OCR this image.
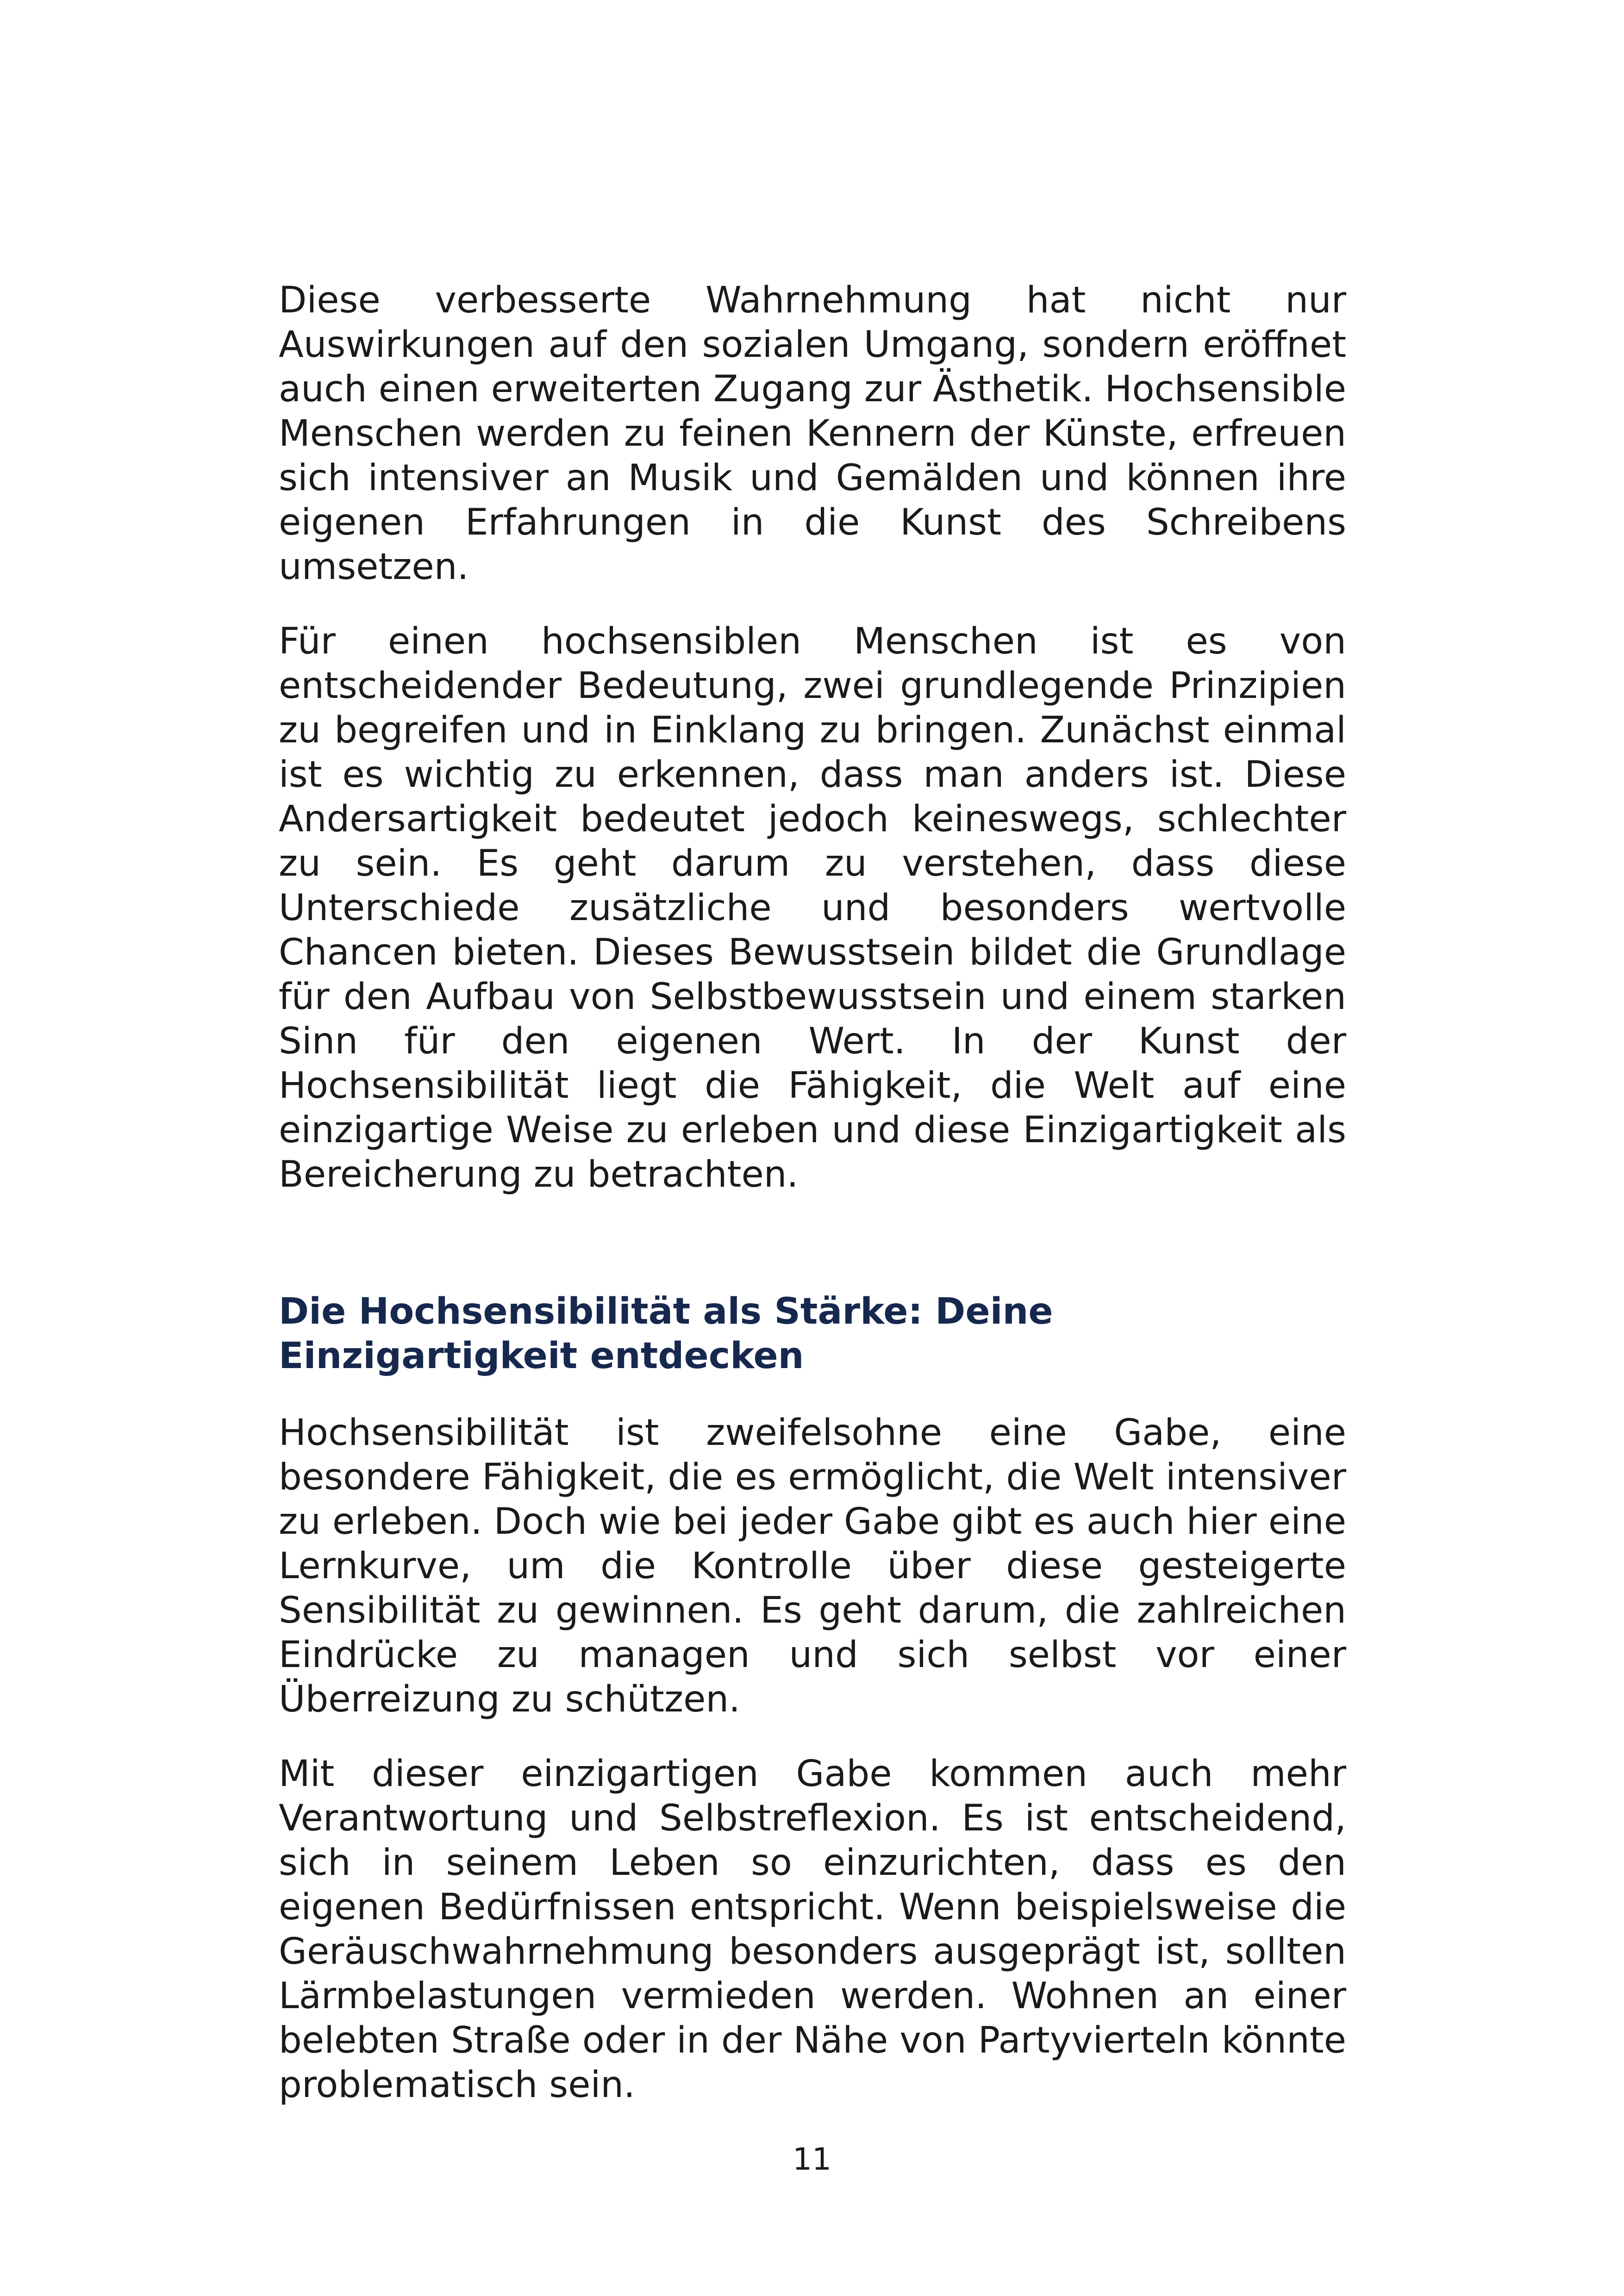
Diese verbesserte Wahrnehmung hat nicht nur Auswirkungen auf den sozialen Umgang, sondern eröffnet auch einen erweiterten Zugang zur Ästhetik. Hochsensible Menschen werden zu feinen Kennern der Künste, erfreuen sich intensiver an Musik und Gemälden und können ihre eigenen Erfahrungen in die Kunst des Schreibens umsetzen.

Für einen hochsensiblen Menschen ist es von entscheidender Bedeutung, zwei grundlegende Prinzipien zu begreifen und in Einklang zu bringen. Zunächst einmal ist es wichtig zu erkennen, dass man anders ist. Diese Andersartigkeit bedeutet jedoch keineswegs, schlechter zu sein. Es geht darum zu verstehen, dass diese Unterschiede zusätzliche und besonders wertvolle Chancen bieten. Dieses Bewusstsein bildet die Grundlage für den Aufbau von Selbstbewusstsein und einem starken Sinn für den eigenen Wert. In der Kunst der Hochsensibilität liegt die Fähigkeit, die Welt auf eine einzigartige Weise zu erleben und diese Einzigartigkeit als Bereicherung zu betrachten.

Die Hochsensibilität als Stärke: Deine Einzigartigkeit entdecken

Hochsensibilität ist zweifelsohne eine Gabe, eine besondere Fähigkeit, die es ermöglicht, die Welt intensiver zu erleben. Doch wie bei jeder Gabe gibt es auch hier eine Lernkurve, um die Kontrolle über diese gesteigerte Sensibilität zu gewinnen. Es geht darum, die zahlreichen Eindrücke zu managen und sich selbst vor einer Überreizung zu schützen.

Mit dieser einzigartigen Gabe kommen auch mehr Verantwortung und Selbstreflexion. Es ist entscheidend, sich in seinem Leben so einzurichten, dass es den eigenen Bedürfnissen entspricht. Wenn beispielsweise die Geräuschwahrnehmung besonders ausgeprägt ist, sollten Lärmbelastungen vermieden werden. Wohnen an einer belebten Straße oder in der Nähe von Partyvierteln könnte problematisch sein.

11
